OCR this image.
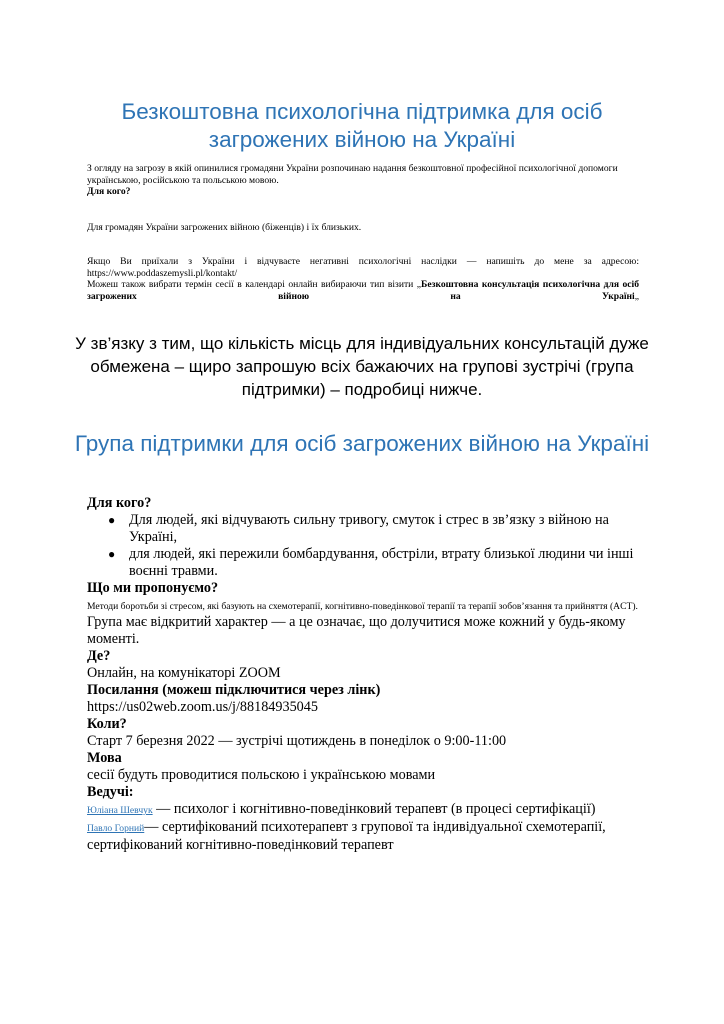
Безкоштовна психологічна підтримка для осіб загрожених війною на Україні
З огляду на загрозу в якій опинилися громадяни України розпочинаю надання безкоштовної професійної психологічної допомоги українською, російською та польською мовою.
Для кого?
Для громадян України загрожених війною (біженців) і їх близьких.
Якщо Ви приїхали з України і відчуваєте негативні психологічні наслідки — напишіть до мене за адресою: https://www.poddaszemysli.pl/kontakt/

Можеш також вибрати термін сесії в календарі онлайн вибираючи тип візити „Безкоштовна консультація психологічна для осіб загрожених війною на Україні„
У зв’язку з тим, що кількість місць для індивідуальних консультацій дуже обмежена – щиро запрошую всіх бажаючих на групові зустрічі (група підтримки) – подробиці нижче.
Група підтримки для осіб загрожених війною на Україні
Для кого?
● Для людей, які відчувають сильну тривогу, смуток і стрес в зв’язку з війною на Україні,
● для людей, які пережили бомбардування, обстріли, втрату близької людини чи інші воєнні травми.
Що ми пропонуємо?
Методи боротьби зі стресом, які базують на схемотерапії, когнітивно-поведінкової терапії та терапії зобов’язання та прийняття (ACT). Група має відкритий характер — а це означає, що долучитися може кожний у будь-якому моменті.
Де?
Онлайн, на комунікаторі ZOOM
Посилання (можеш підключитися через лінк)
https://us02web.zoom.us/j/88184935045
Коли?
Старт 7 березня 2022 — зустрічі щотиждень в понеділок о 9:00-11:00
Мова
сесії будуть проводитися польскою і українською мовами
Ведучі:
Юліана Шевчук — психолог і когнітивно-поведінковий терапевт (в процесі сертифікації)
Павло Горний— сертифікований психотерапевт з групової та індивідуальної схемотерапії, сертифікований когнітивно-поведінковий терапевт
